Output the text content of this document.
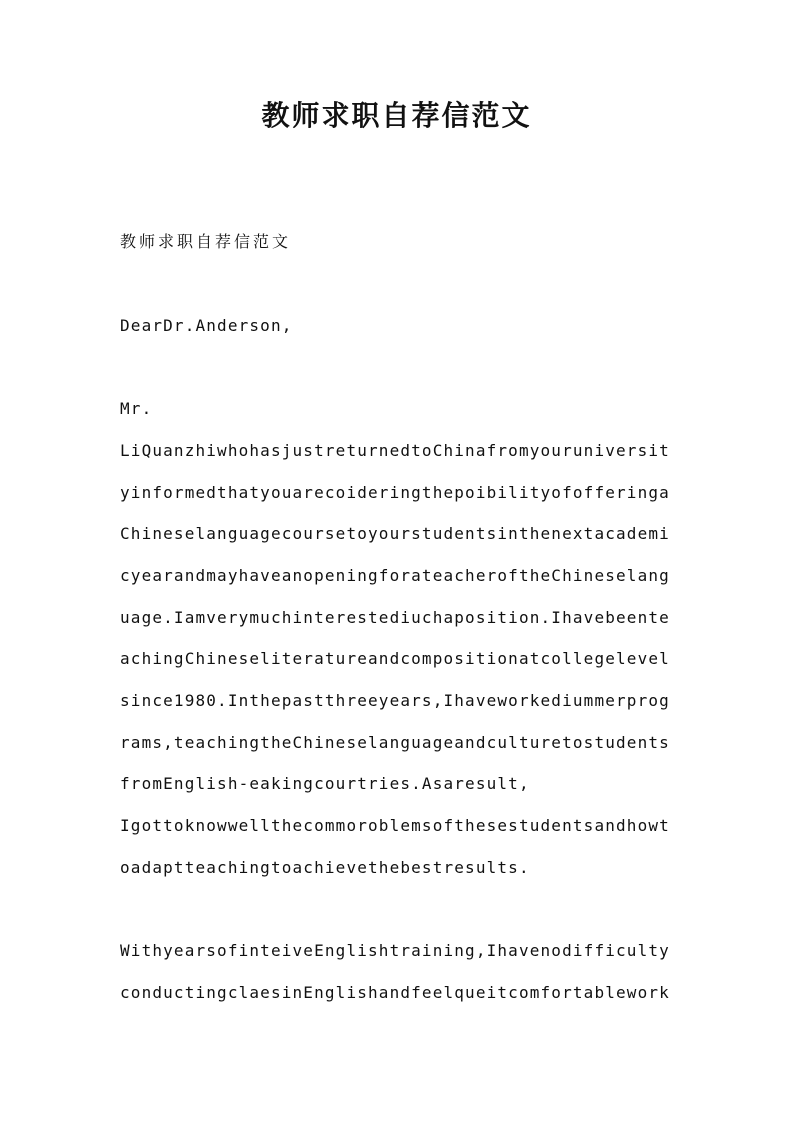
教师求职自荐信范文

教师求职自荐信范文

DearDr.Anderson,

Mr.

LiQuanzhiwhohasjustreturnedtoChinafromyouruniversit

yinformedthatyouarecoideringthepoibilityofofferinga

Chineselanguagecoursetoyourstudentsinthenextacademi

cyearandmayhaveanopeningforateacheroftheChineselang

uage.Iamverymuchinterestediuchaposition.Ihavebeente

achingChineseliteratureandcompositionatcollegelevel

since1980.Inthepastthreeyears,Ihaveworkediummerprog

rams,teachingtheChineselanguageandculturetostudents

fromEnglish-eakingcourtries.Asaresult,

Igottoknowwellthecommoroblemsofthesestudentsandhowt

oadaptteachingtoachievethebestresults.

WithyearsofinteiveEnglishtraining,Ihavenodifficulty

conductingclaesinEnglishandfeelqueitcomfortablework
